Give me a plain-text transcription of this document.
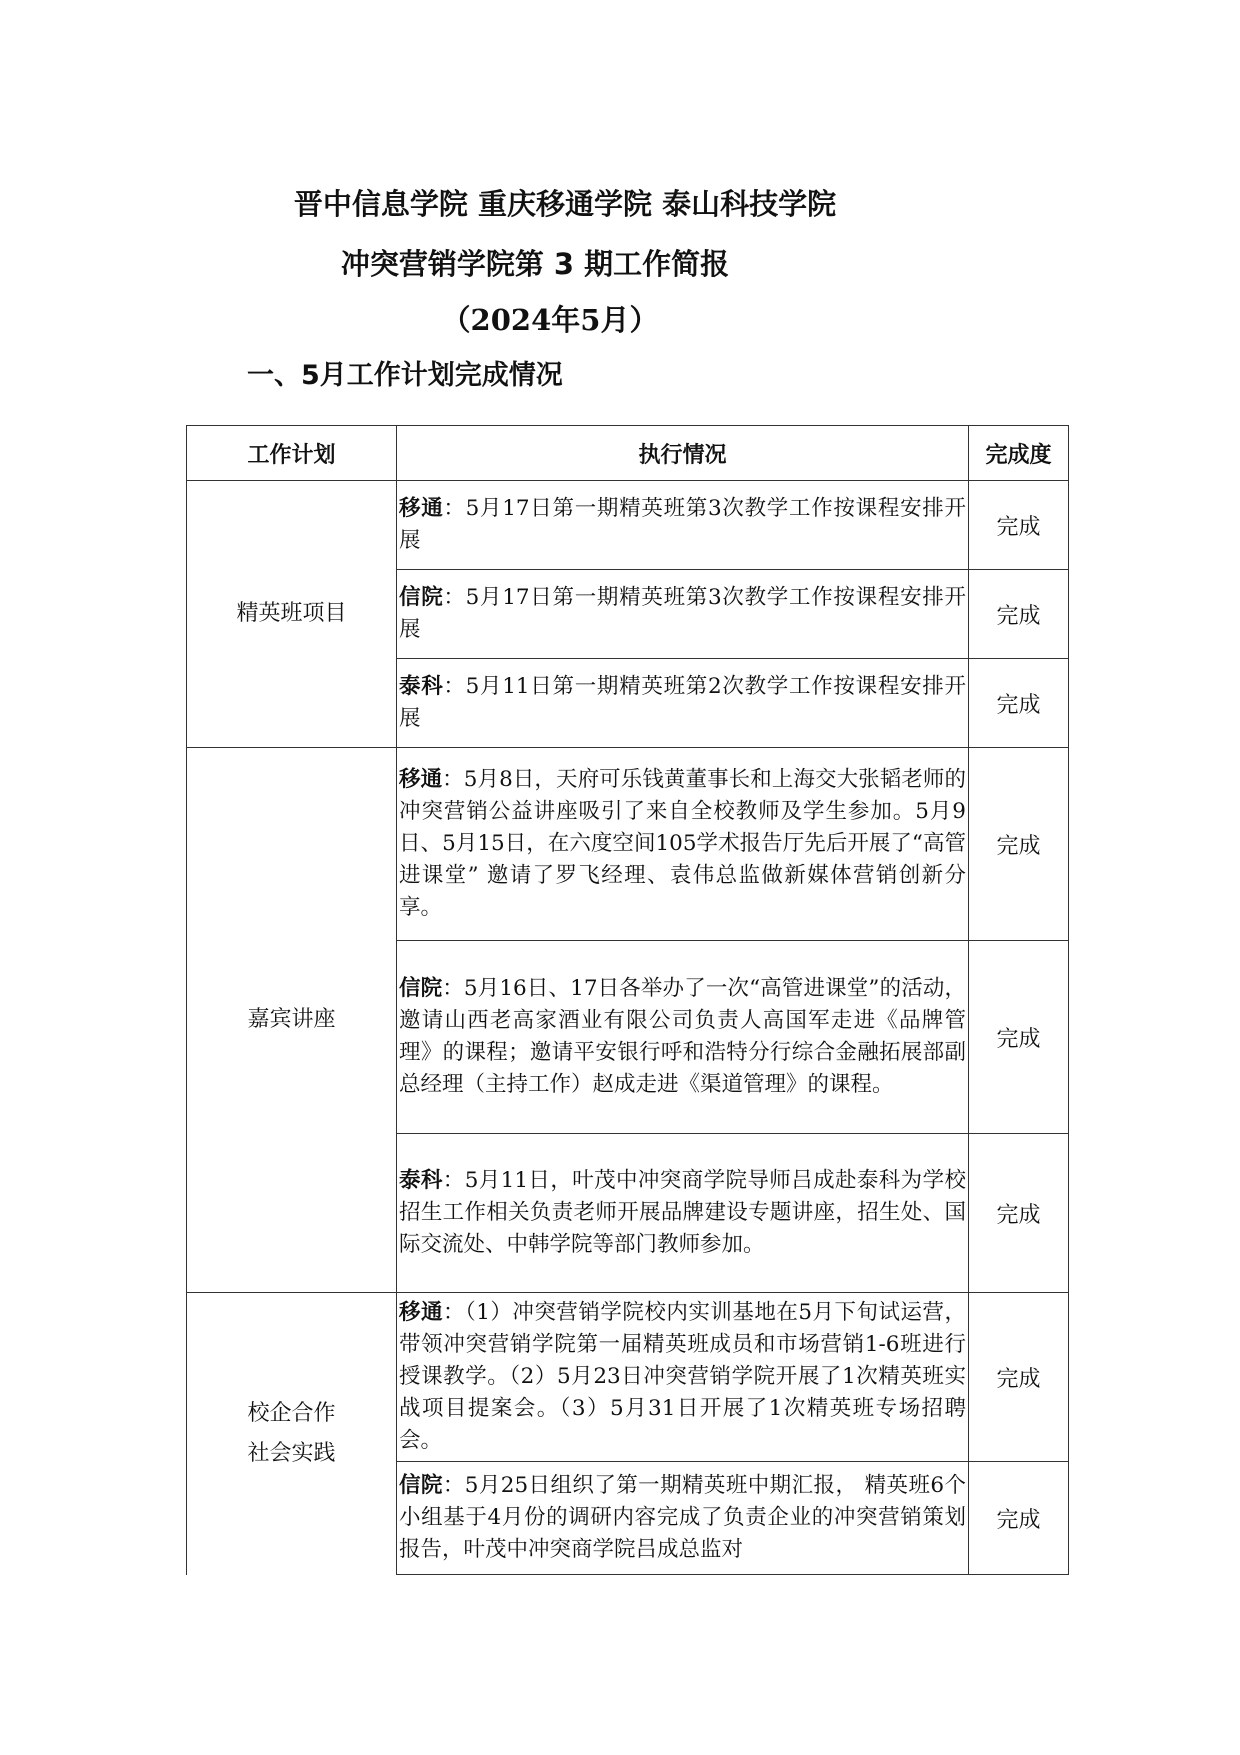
晋中信息学院 重庆移通学院 泰山科技学院
冲突营销学院第 3 期工作简报
（2024年5月）
一、5月工作计划完成情况
工作计划	执行情况	完成度
精英班项目	移通：5月17日第一期精英班第3次教学工作按课程安排开展	完成
	信院：5月17日第一期精英班第3次教学工作按课程安排开展	完成
	泰科：5月11日第一期精英班第2次教学工作按课程安排开展	完成
嘉宾讲座	移通：5月8日，天府可乐钱黄董事长和上海交大张韬老师的冲突营销公益讲座吸引了来自全校教师及学生参加。5月9日、5月15日，在六度空间105学术报告厅先后开展了“高管进课堂” 邀请了罗飞经理、袁伟总监做新媒体营销创新分享。	完成
	信院：5月16日、17日各举办了一次“高管进课堂”的活动，邀请山西老高家酒业有限公司负责人高国军走进《品牌管理》的课程；邀请平安银行呼和浩特分行综合金融拓展部副总经理（主持工作）赵成走进《渠道管理》的课程。	完成
	泰科：5月11日，叶茂中冲突商学院导师吕成赴泰科为学校招生工作相关负责老师开展品牌建设专题讲座，招生处、国际交流处、中韩学院等部门教师参加。	完成

校企合作
社会实践	移通：（1）冲突营销学院校内实训基地在5月下旬试运营，带领冲突营销学院第一届精英班成员和市场营销1-6班进行授课教学。（2）5月23日冲突营销学院开展了1次精英班实战项目提案会。（3）5月31日开展了1次精英班专场招聘会。	完成
	信院：5月25日组织了第一期精英班中期汇报， 精英班6个小组基于4月份的调研内容完成了负责企业的冲突营销策划报告，叶茂中冲突商学院吕成总监对	完成
